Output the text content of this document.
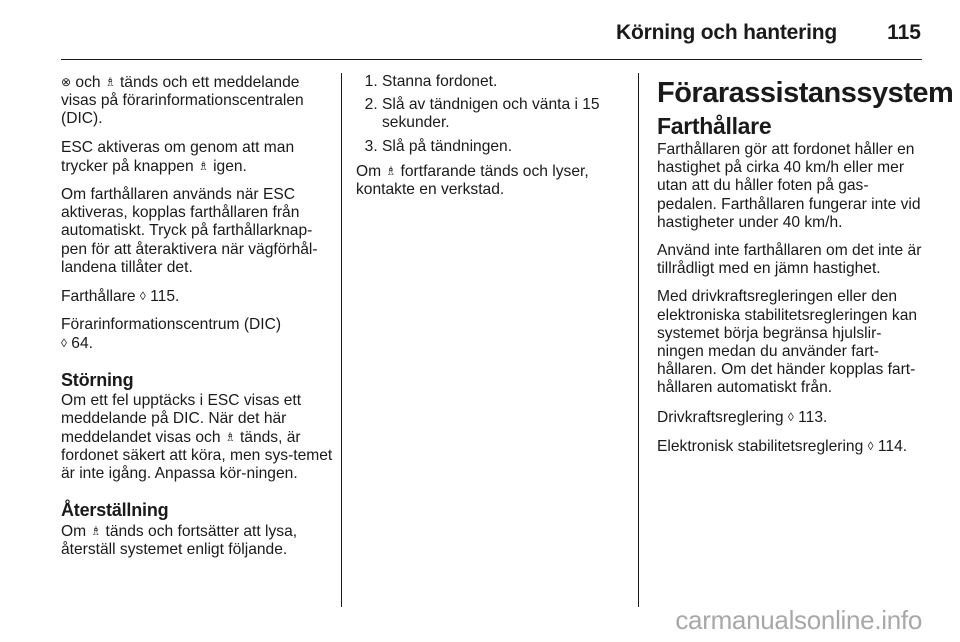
Körning och hantering 115

⊗ och ♗ tänds och ett meddelande visas på förarinformationscentralen (DIC).

ESC aktiveras om genom att man trycker på knappen ♗ igen.

Om farthållaren används när ESC aktiveras, kopplas farthållaren från automatiskt. Tryck på farthållarknap-pen för att återaktivera när vägförhål-landena tillåter det.

Farthållare ◊ 115.

Förarinformationscentrum (DIC)
◊ 64.

Störning

Om ett fel upptäcks i ESC visas ett meddelande på DIC. När det här meddelandet visas och ♗ tänds, är fordonet säkert att köra, men sys-temet är inte igång. Anpassa kör-ningen.

Återställning

Om ♗ tänds och fortsätter att lysa, återställ systemet enligt följande.

1. Stanna fordonet.
2. Slå av tändnigen och vänta i 15 sekunder.
3. Slå på tändningen.

Om ♗ fortfarande tänds och lyser, kontakte en verkstad.

Förarassistanssystem
Farthållare

Farthållaren gör att fordonet håller en hastighet på cirka 40 km/h eller mer utan att du håller foten på gas-pedalen. Farthållaren fungerar inte vid hastigheter under 40 km/h.

Använd inte farthållaren om det inte är tillrådligt med en jämn hastighet.

Med drivkraftsregleringen eller den elektroniska stabilitetsregleringen kan systemet börja begränsa hjulslir-ningen medan du använder fart-hållaren. Om det händer kopplas fart-hållaren automatiskt från.

Drivkraftsreglering ◊ 113.

Elektronisk stabilitetsreglering ◊ 114.

carmanualsonline.info
